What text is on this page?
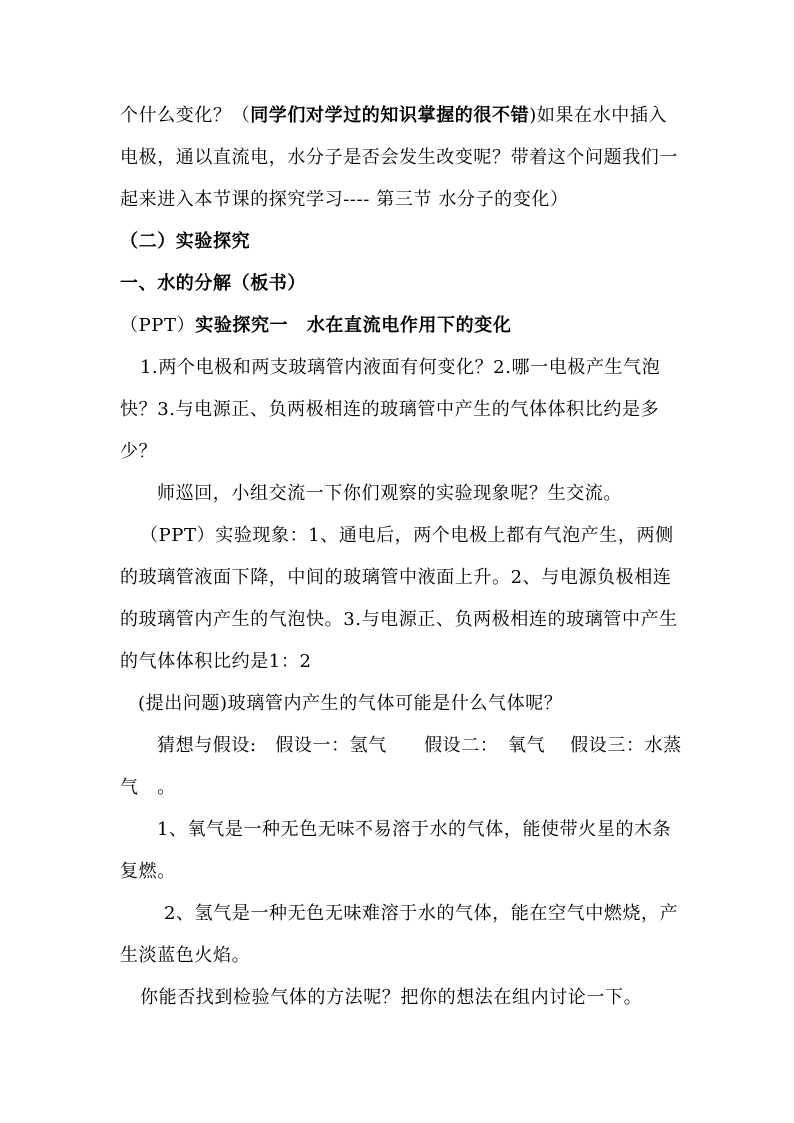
个什么变化？（同学们对学过的知识掌握的很不错)如果在水中插入
电极，通以直流电，水分子是否会发生改变呢？带着这个问题我们一
起来进入本节课的探究学习---- 第三节 水分子的变化）
（二）实验探究
一、水的分解（板书）
（PPT）实验探究一　水在直流电作用下的变化
1.两个电极和两支玻璃管内液面有何变化？2.哪一电极产生气泡
快？3.与电源正、负两极相连的玻璃管中产生的气体体积比约是多
少？
师巡回，小组交流一下你们观察的实验现象呢？生交流。
（PPT）实验现象：1、通电后，两个电极上都有气泡产生，两侧
的玻璃管液面下降，中间的玻璃管中液面上升。2、与电源负极相连
的玻璃管内产生的气泡快。3.与电源正、负两极相连的玻璃管中产生
的气体体积比约是1：2
(提出问题)玻璃管内产生的气体可能是什么气体呢？
猜想与假设:　假设一：氢气　　假设二：　氧气　 假设三：水蒸
气　。
1、氧气是一种无色无味不易溶于水的气体，能使带火星的木条
复燃。
2、氢气是一种无色无味难溶于水的气体，能在空气中燃烧，产
生淡蓝色火焰。
你能否找到检验气体的方法呢？把你的想法在组内讨论一下。
